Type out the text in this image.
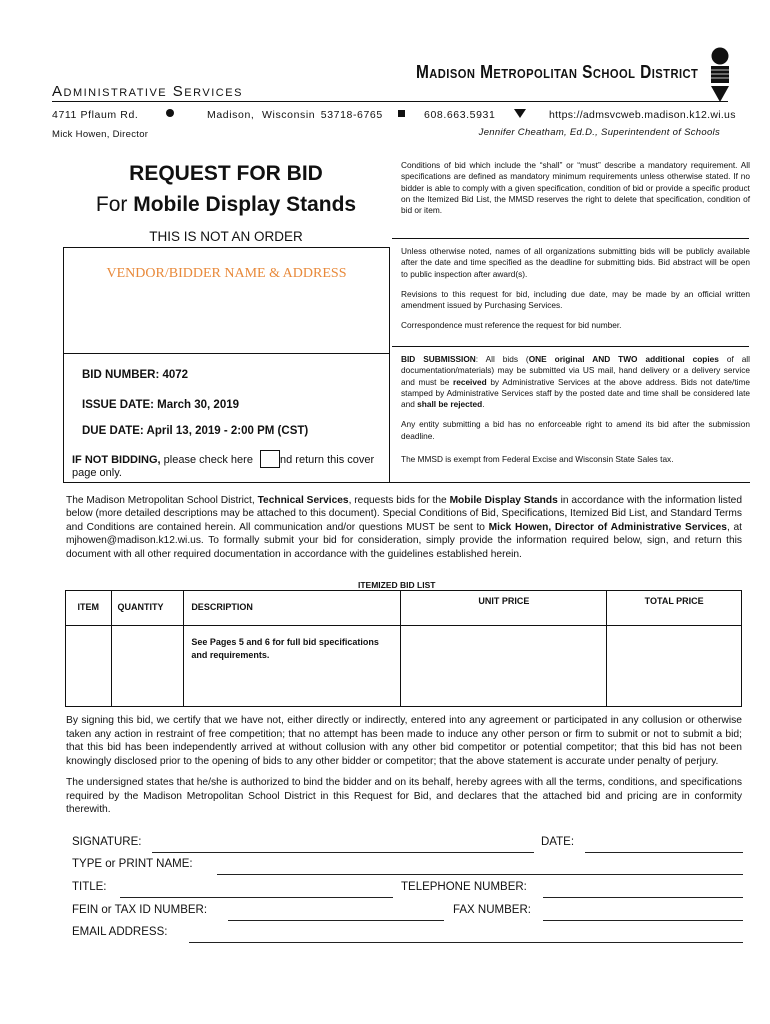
Administrative Services
4711 Pflaum Rd.	Madison, Wisconsin 53718-6765	608.663.5931	https://admsvcweb.madison.k12.wi.us
Mick Howen, Director
Madison Metropolitan School District
Jennifer Cheatham, Ed.D., Superintendent of Schools
REQUEST FOR BID
For Mobile Display Stands
THIS IS NOT AN ORDER
VENDOR/BIDDER NAME & ADDRESS
BID NUMBER: 4072
ISSUE DATE: March 30, 2019
DUE DATE: April 13, 2019 - 2:00 PM (CST)
IF NOT BIDDING, please check here nd return this cover
page only.

Conditions of bid which include the “shall” or “must” describe a mandatory requirement. All specifications are defined as mandatory minimum requirements unless otherwise stated. If no bidder is able to comply with a given specification, condition of bid or provide a specific product on the Itemized Bid List, the MMSD reserves the right to delete that specification, condition of bid or item.

Unless otherwise noted, names of all organizations submitting bids will be publicly available after the date and time specified as the deadline for submitting bids. Bid abstract will be open to public inspection after award(s).

Revisions to this request for bid, including due date, may be made by an official written amendment issued by Purchasing Services.

Correspondence must reference the request for bid number.

BID SUBMISSION: All bids (ONE original AND TWO additional copies of all documentation/materials) may be submitted via US mail, hand delivery or a delivery service and must be received by Administrative Services at the above address. Bids not date/time stamped by Administrative Services staff by the posted date and time shall be considered late and shall be rejected.

Any entity submitting a bid has no enforceable right to amend its bid after the submission deadline.

The MMSD is exempt from Federal Excise and Wisconsin State Sales tax.

The Madison Metropolitan School District, Technical Services, requests bids for the Mobile Display Stands in accordance with the information listed below (more detailed descriptions may be attached to this document). Special Conditions of Bid, Specifications, Itemized Bid List, and Standard Terms and Conditions are contained herein. All communication and/or questions MUST be sent to Mick Howen, Director of Administrative Services, at mjhowen@madison.k12.wi.us. To formally submit your bid for consideration, simply provide the information required below, sign, and return this document with all other required documentation in accordance with the guidelines established herein.

ITEMIZED BID LIST
ITEM	QUANTITY	DESCRIPTION	UNIT PRICE	TOTAL PRICE
		See Pages 5 and 6 for full bid specifications and requirements.		

By signing this bid, we certify that we have not, either directly or indirectly, entered into any agreement or participated in any collusion or otherwise taken any action in restraint of free competition; that no attempt has been made to induce any other person or firm to submit or not to submit a bid; that this bid has been independently arrived at without collusion with any other bid competitor or potential competitor; that this bid has not been knowingly disclosed prior to the opening of bids to any other bidder or competitor; that the above statement is accurate under penalty of perjury.

The undersigned states that he/she is authorized to bind the bidder and on its behalf, hereby agrees with all the terms, conditions, and specifications required by the Madison Metropolitan School District in this Request for Bid, and declares that the attached bid and pricing are in conformity therewith.

SIGNATURE:	DATE:
TYPE or PRINT NAME:
TITLE:	TELEPHONE NUMBER:
FEIN or TAX ID NUMBER:	FAX NUMBER:
EMAIL ADDRESS:
